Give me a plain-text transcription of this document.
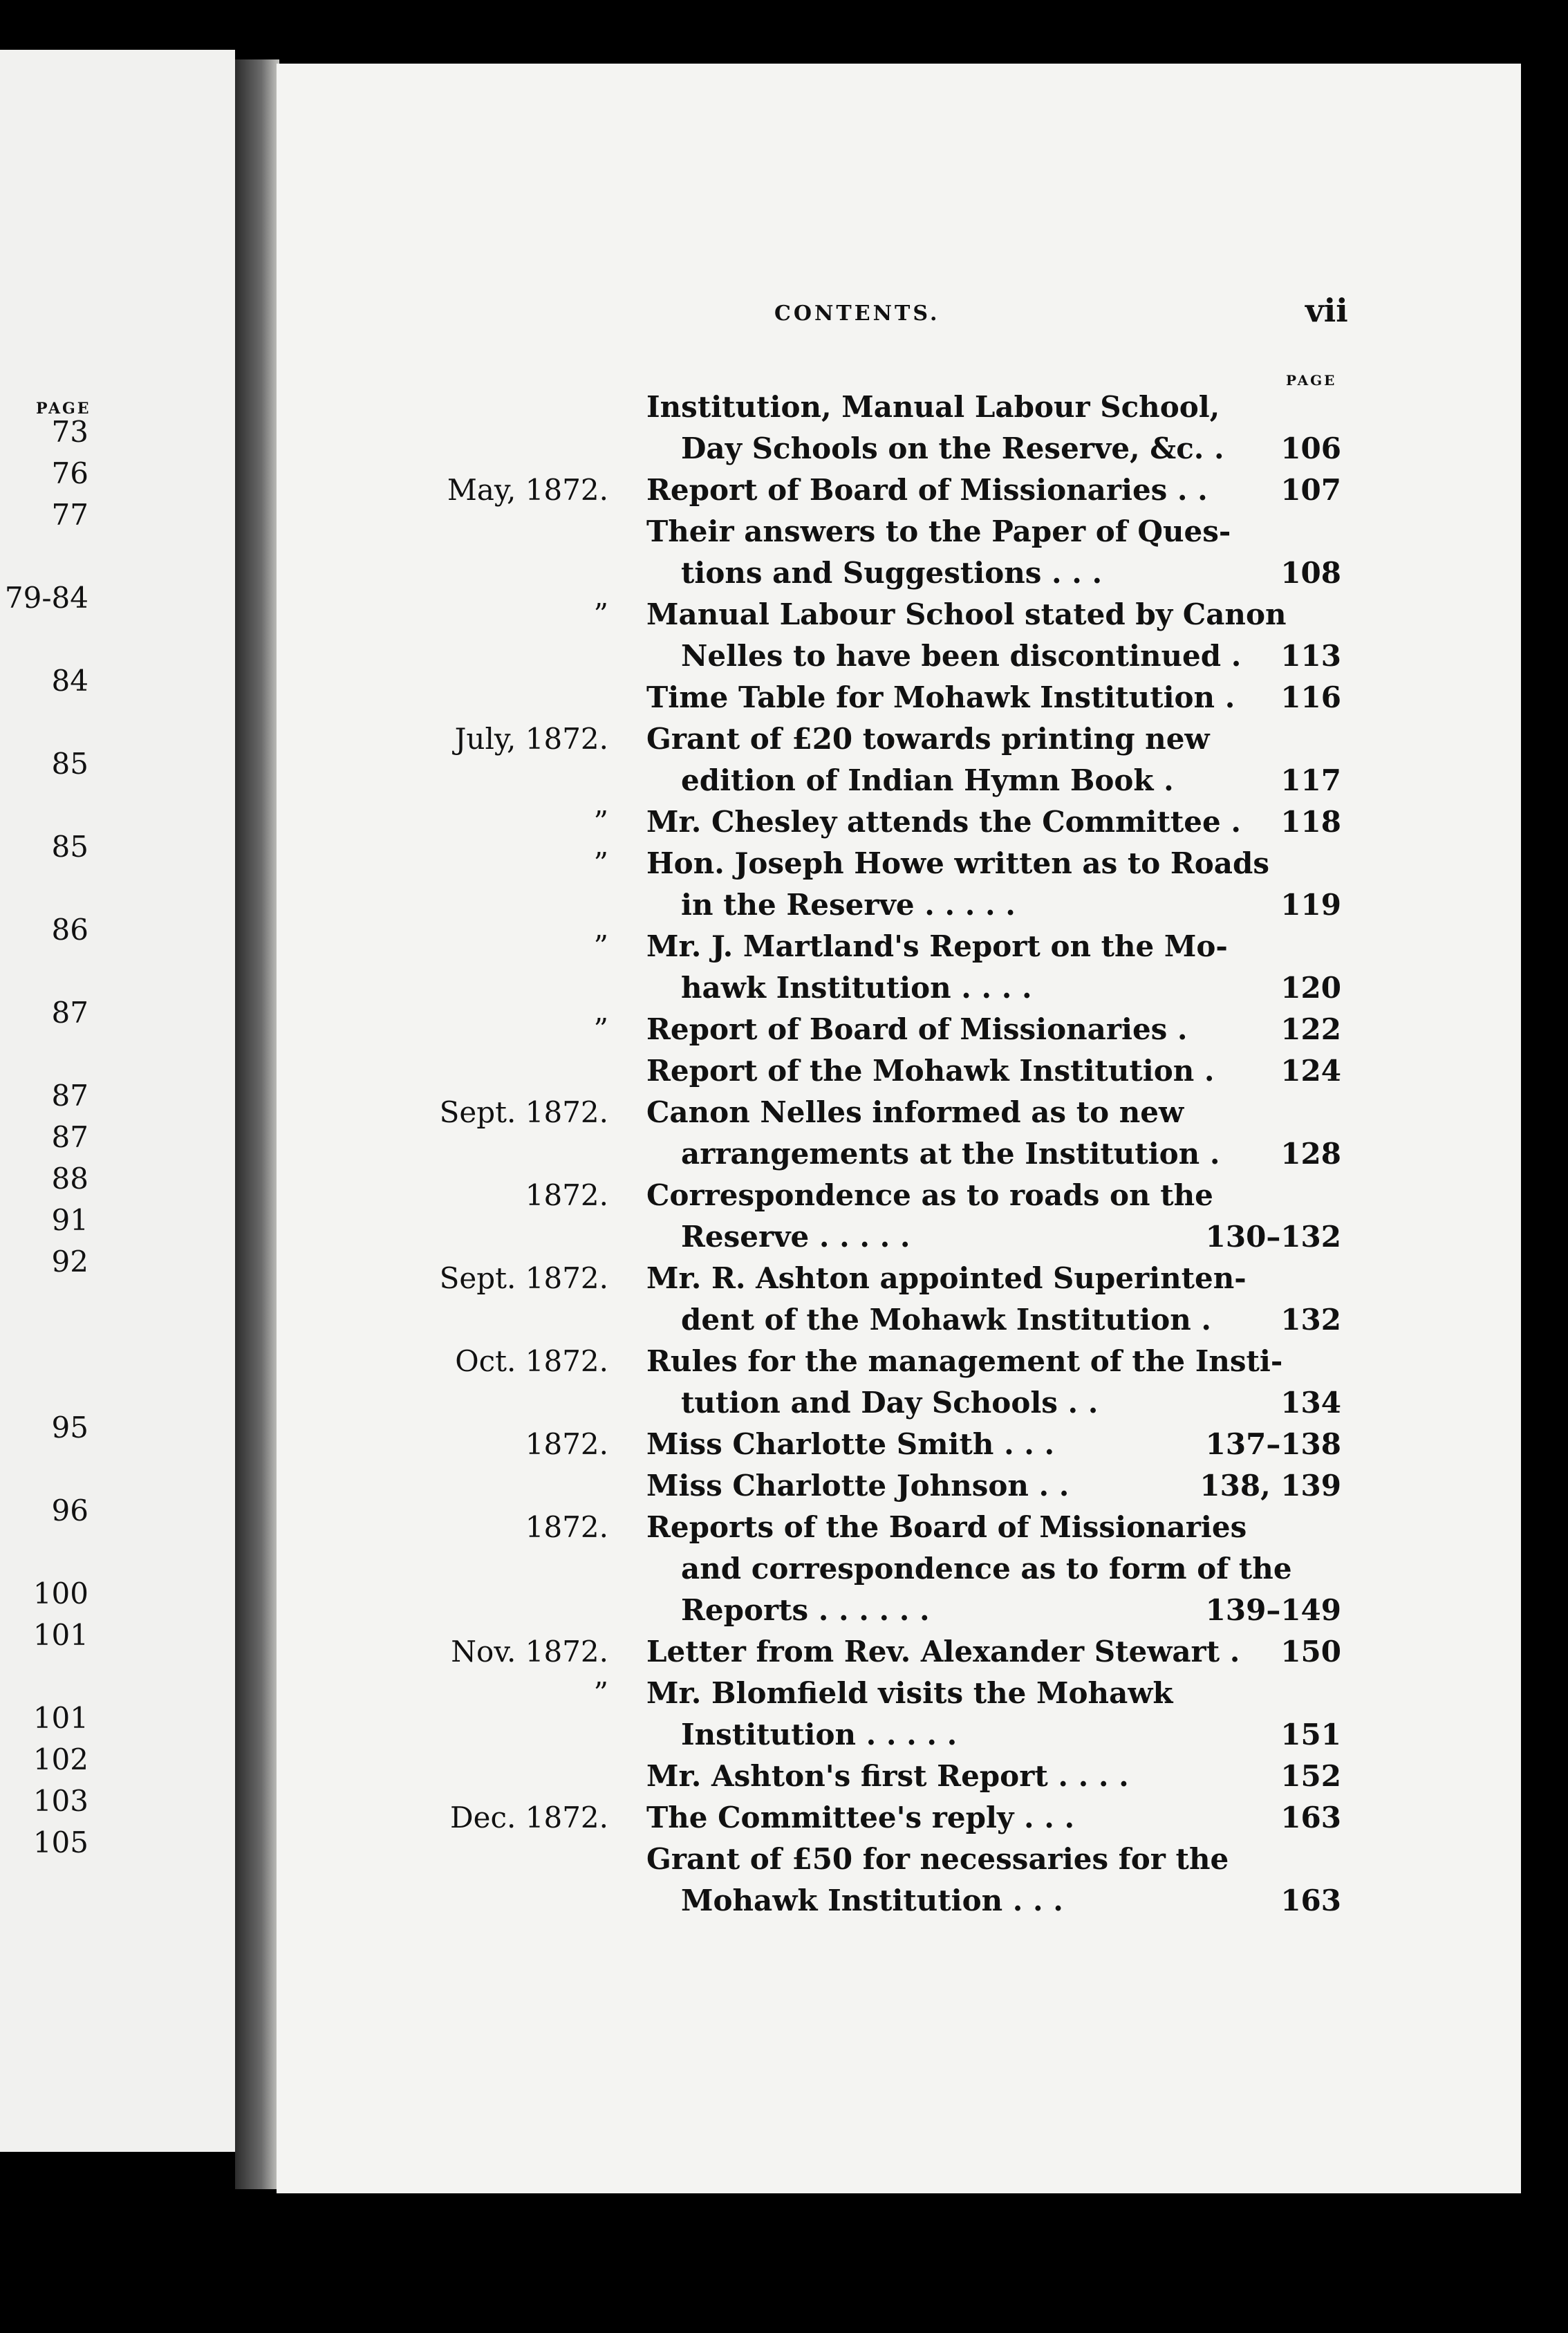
PAGE
73
76
77
79-84
84
85
85
86
87
87
87
88
91
92
95
96
100
101
101
102
103
105
CONTENTS.	vii
PAGE
Institution, Manual Labour School,
Day Schools on the Reserve, &c. .	106
May, 1872. Report of Board of Missionaries . .	107
Their answers to the Paper of Ques-
tions and Suggestions . . .	108
” Manual Labour School stated by Canon
Nelles to have been discontinued .	113
Time Table for Mohawk Institution .	116
July, 1872. Grant of £20 towards printing new
edition of Indian Hymn Book .	117
” Mr. Chesley attends the Committee .	118
” Hon. Joseph Howe written as to Roads
in the Reserve . . . . .	119
” Mr. J. Martland's Report on the Mo-
hawk Institution . . . .	120
” Report of Board of Missionaries .	122
Report of the Mohawk Institution .	124
Sept. 1872. Canon Nelles informed as to new
arrangements at the Institution .	128
1872. Correspondence as to roads on the
Reserve . . . . .	130–132
Sept. 1872. Mr. R. Ashton appointed Superinten-
dent of the Mohawk Institution .	132
Oct. 1872. Rules for the management of the Insti-
tution and Day Schools . .	134
1872. Miss Charlotte Smith . . .	137–138
Miss Charlotte Johnson . .	138, 139
1872. Reports of the Board of Missionaries
and correspondence as to form of the
Reports . . . . . .	139–149
Nov. 1872. Letter from Rev. Alexander Stewart .	150
” Mr. Blomfield visits the Mohawk
Institution . . . . .	151
Mr. Ashton's first Report . . . .	152
Dec. 1872. The Committee's reply . . .	163
Grant of £50 for necessaries for the
Mohawk Institution . . .	163
